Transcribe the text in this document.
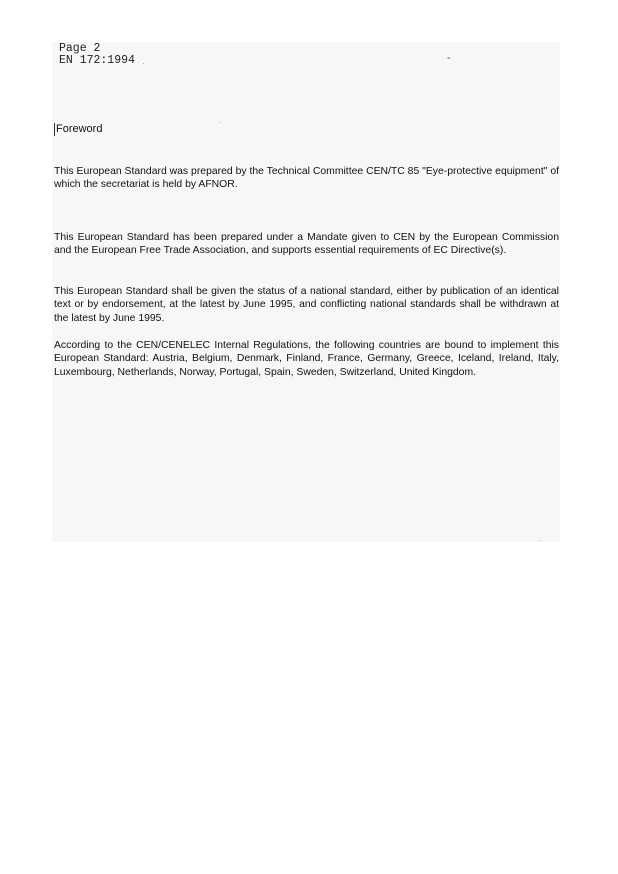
Page 2
EN 172:1994	-
Foreword
This European Standard was prepared by the Technical Committee CEN/TC 85 "Eye-protective equipment" of which the secretariat is held by AFNOR.
This European Standard has been prepared under a Mandate given to CEN by the European Commission and the European Free Trade Association, and supports essential requirements of EC Directive(s).
This European Standard shall be given the status of a national standard, either by publication of an identical text or by endorsement, at the latest by June 1995, and conflicting national standards shall be withdrawn at the latest by June 1995.
According to the CEN/CENELEC Internal Regulations, the following countries are bound to implement this European Standard: Austria, Belgium, Denmark, Finland, France, Germany, Greece, Iceland, Ireland, Italy, Luxembourg, Netherlands, Norway, Portugal, Spain, Sweden, Switzerland, United Kingdom.
